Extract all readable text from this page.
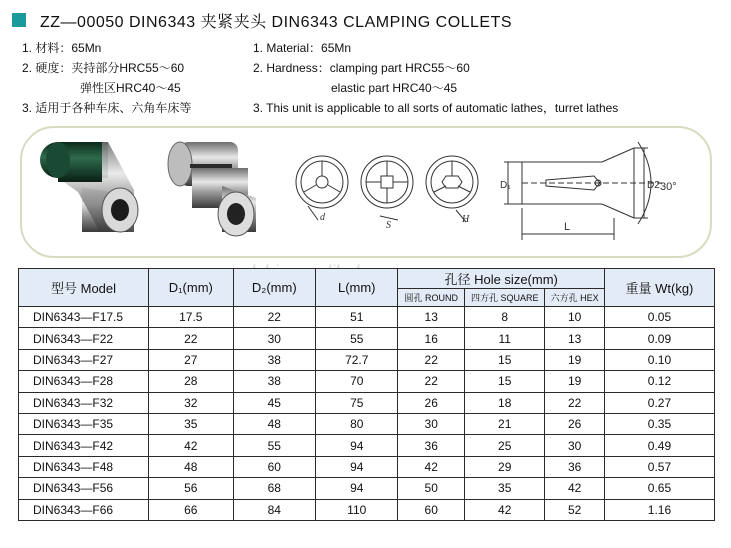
ZZ—00050 DIN6343 夹紧夹头 DIN6343 CLAMPING COLLETS
1. 材料：65Mn
2. 硬度：夹持部分HRC55～60
弹性区HRC40～45
3. 适用于各种车床、六角车床等
1. Material：65Mn
2. Hardness：clamping part HRC55～60
elastic part HRC40～45
3. This unit is applicable to all sorts of automatic lathes，turret lathes
d
S
H
D₁	D2
L
30°
型号 Model	D₁(mm)	D₂(mm)	L(mm)	孔径 Hole size(mm)			重量 Wt(kg)
				圆孔 ROUND	四方孔 SQUARE	六方孔 HEX	
DIN6343—F17.5	17.5	22	51	13	8	10	0.05
DIN6343—F22	22	30	55	16	11	13	0.09
DIN6343—F27	27	38	72.7	22	15	19	0.10
DIN6343—F28	28	38	70	22	15	19	0.12
DIN6343—F32	32	45	75	26	18	22	0.27
DIN6343—F35	35	48	80	30	21	26	0.35
DIN6343—F42	42	55	94	36	25	30	0.49
DIN6343—F48	48	60	94	42	29	36	0.57
DIN6343—F56	56	68	94	50	35	42	0.65
DIN6343—F66	66	84	110	60	42	52	1.16
